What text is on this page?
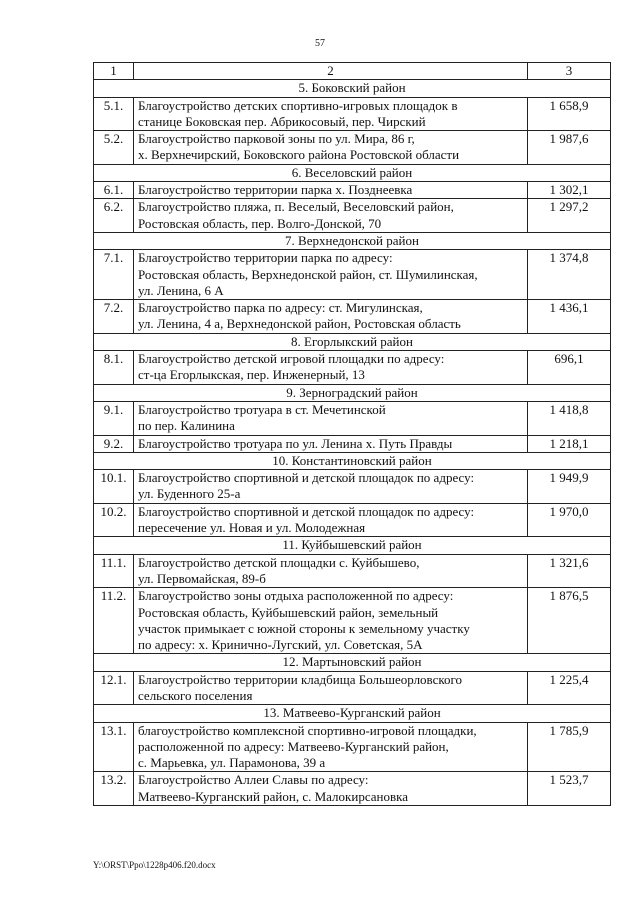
57
1	2	3
5. Боковский район		
5.1.	Благоустройство детских спортивно-игровых площадок в
станице Боковская пер. Абрикосовый, пер. Чирский	1 658,9
5.2.	Благоустройство парковой зоны по ул. Мира, 86 г,
х. Верхнечирский, Боковского района Ростовской области	1 987,6
6. Веселовский район		
6.1.	Благоустройство территории парка х. Позднеевка	1 302,1
6.2.	Благоустройство пляжа, п. Веселый, Веселовский район,
Ростовская область, пер. Волго-Донской, 70	1 297,2
7. Верхнедонской район		
7.1.	Благоустройство территории парка по адресу:
Ростовская область, Верхнедонской район, ст. Шумилинская,
ул. Ленина, 6 А	1 374,8
7.2.	Благоустройство парка по адресу: ст. Мигулинская,
ул. Ленина, 4 а, Верхнедонской район, Ростовская область	1 436,1
8. Егорлыкский район		
8.1.	Благоустройство детской игровой площадки по адресу:
ст-ца Егорлыкская, пер. Инженерный, 13	696,1
9. Зерноградский район		
9.1.	Благоустройство тротуара в ст. Мечетинской
по пер. Калинина	1 418,8
9.2.	Благоустройство тротуара по ул. Ленина х. Путь Правды	1 218,1
10. Константиновский район		
10.1.	Благоустройство спортивной и детской площадок по адресу:
ул. Буденного 25-а	1 949,9
10.2.	Благоустройство спортивной и детской площадок по адресу:
пересечение ул. Новая и ул. Молодежная	1 970,0
11. Куйбышевский район		
11.1.	Благоустройство детской площадки с. Куйбышево,
ул. Первомайская, 89-б	1 321,6
11.2.	Благоустройство зоны отдыха расположенной по адресу:
Ростовская область, Куйбышевский район, земельный
участок примыкает с южной стороны к земельному участку
по адресу: х. Кринично-Лугский, ул. Советская, 5А	1 876,5
12. Мартыновский район		
12.1.	Благоустройство территории кладбища Большеорловского
сельского поселения	1 225,4
13. Матвеево-Курганский район		
13.1.	благоустройство комплексной спортивно-игровой площадки,
расположенной по адресу: Матвеево-Курганский район,
с. Марьевка, ул. Парамонова, 39 а	1 785,9
13.2.	Благоустройство Аллеи Славы по адресу:
Матвеево-Курганский район, с. Малокирсановка	1 523,7
Y:\ORST\Ppo\1228p406.f20.docx
